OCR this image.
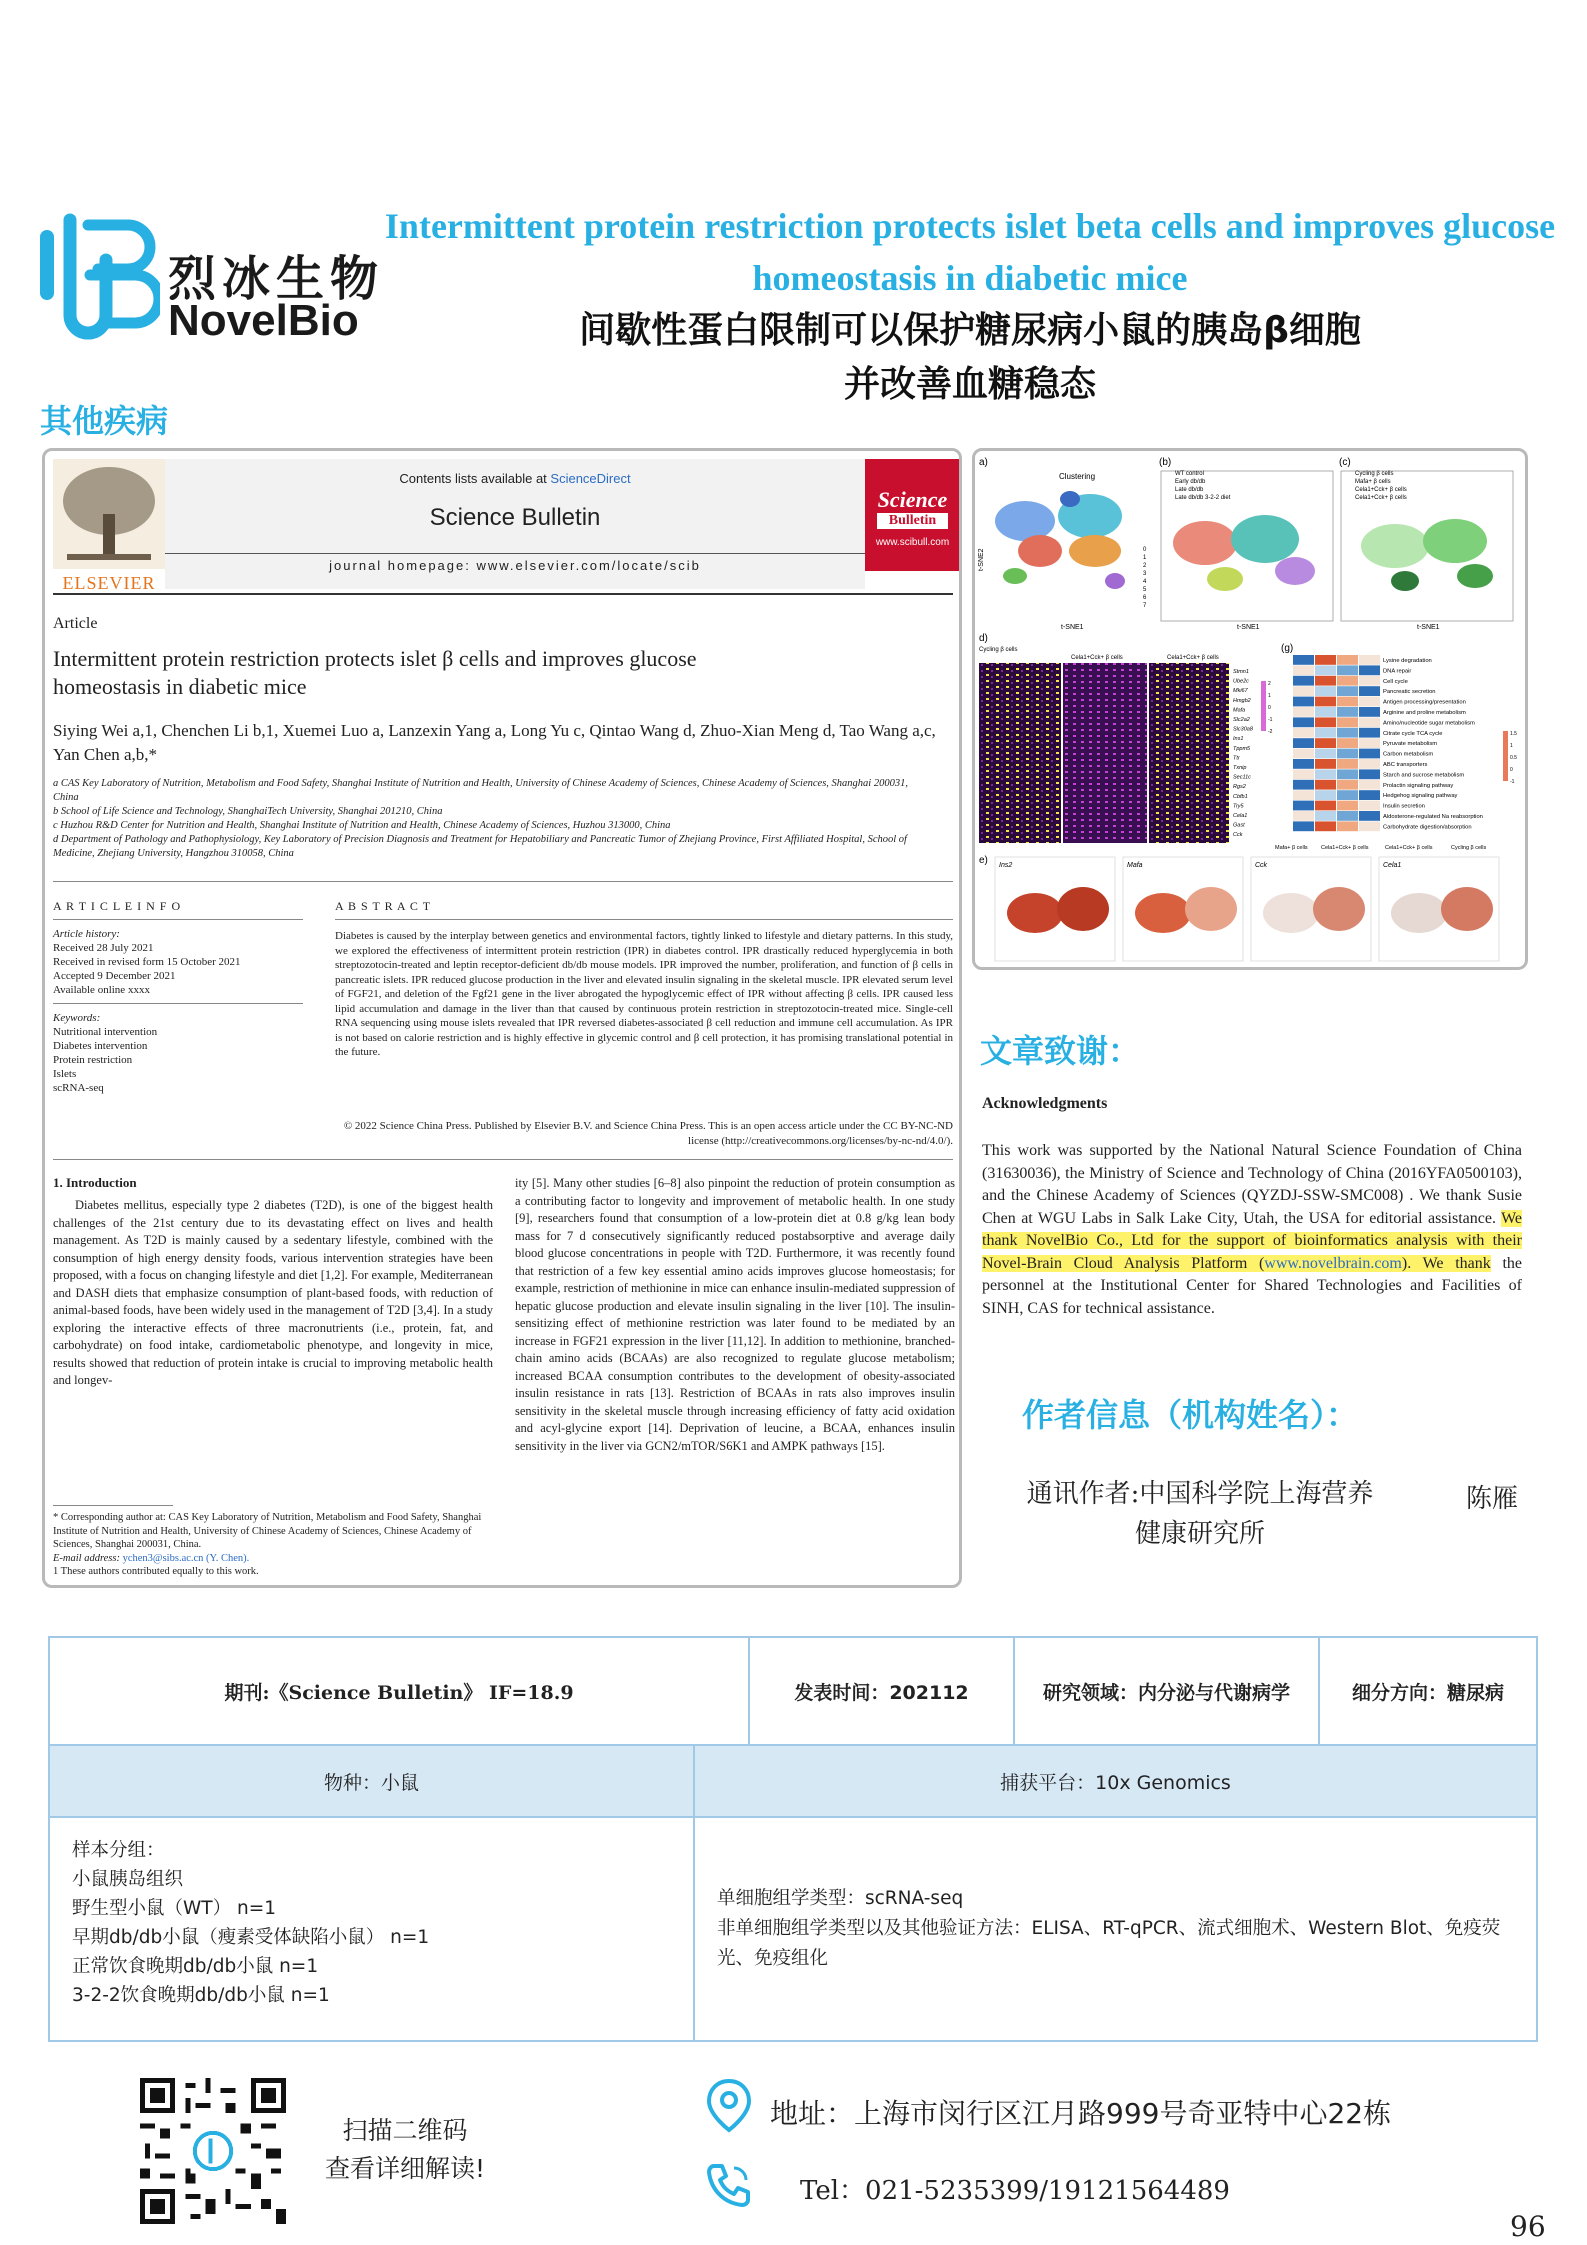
烈冰生物
NovelBio
Intermittent protein restriction protects islet beta cells and improves glucose homeostasis in diabetic mice
间歇性蛋白限制可以保护糖尿病小鼠的胰岛β细胞
并改善血糖稳态
其他疾病
ELSEVIER
Contents lists available at ScienceDirect
Science Bulletin
journal homepage: www.elsevier.com/locate/scib
Science
Bulletin
www.scibull.com
Article
Intermittent protein restriction protects islet β cells and improves glucose homeostasis in diabetic mice
Siying Wei a,1, Chenchen Li b,1, Xuemei Luo a, Lanzexin Yang a, Long Yu c, Qintao Wang d, Zhuo-Xian Meng d, Tao Wang a,c, Yan Chen a,b,*
a CAS Key Laboratory of Nutrition, Metabolism and Food Safety, Shanghai Institute of Nutrition and Health, University of Chinese Academy of Sciences, Chinese Academy of Sciences, Shanghai 200031, China
b School of Life Science and Technology, ShanghaiTech University, Shanghai 201210, China
c Huzhou R&D Center for Nutrition and Health, Shanghai Institute of Nutrition and Health, Chinese Academy of Sciences, Huzhou 313000, China
d Department of Pathology and Pathophysiology, Key Laboratory of Precision Diagnosis and Treatment for Hepatobiliary and Pancreatic Tumor of Zhejiang Province, First Affiliated Hospital, School of Medicine, Zhejiang University, Hangzhou 310058, China
A R T I C L E I N F O
Article history:
Received 28 July 2021
Received in revised form 15 October 2021
Accepted 9 December 2021
Available online xxxx
Keywords:
Nutritional intervention
Diabetes intervention
Protein restriction
Islets
scRNA-seq
A B S T R A C T
Diabetes is caused by the interplay between genetics and environmental factors, tightly linked to lifestyle and dietary patterns. In this study, we explored the effectiveness of intermittent protein restriction (IPR) in diabetes control. IPR drastically reduced hyperglycemia in both streptozotocin-treated and leptin receptor-deficient db/db mouse models. IPR improved the number, proliferation, and function of β cells in pancreatic islets. IPR reduced glucose production in the liver and elevated insulin signaling in the skeletal muscle. IPR elevated serum level of FGF21, and deletion of the Fgf21 gene in the liver abrogated the hypoglycemic effect of IPR without affecting β cells. IPR caused less lipid accumulation and damage in the liver than that caused by continuous protein restriction in streptozotocin-treated mice. Single-cell RNA sequencing using mouse islets revealed that IPR reversed diabetes-associated β cell reduction and immune cell accumulation. As IPR is not based on calorie restriction and is highly effective in glycemic control and β cell protection, it has promising translational potential in the future.
© 2022 Science China Press. Published by Elsevier B.V. and Science China Press. This is an open access article under the CC BY-NC-ND license (http://creativecommons.org/licenses/by-nc-nd/4.0/).
1. Introduction
Diabetes mellitus, especially type 2 diabetes (T2D), is one of the biggest health challenges of the 21st century due to its devastating effect on lives and health management. As T2D is mainly caused by a sedentary lifestyle, combined with the consumption of high energy density foods, various intervention strategies have been proposed, with a focus on changing lifestyle and diet [1,2]. For example, Mediterranean and DASH diets that emphasize consumption of plant-based foods, with reduction of animal-based foods, have been widely used in the management of T2D [3,4]. In a study exploring the interactive effects of three macronutrients (i.e., protein, fat, and carbohydrate) on food intake, cardiometabolic phenotype, and longevity in mice, results showed that reduction of protein intake is crucial to improving metabolic health and longev-
* Corresponding author at: CAS Key Laboratory of Nutrition, Metabolism and Food Safety, Shanghai Institute of Nutrition and Health, University of Chinese Academy of Sciences, Chinese Academy of Sciences, Shanghai 200031, China.
E-mail address: ychen3@sibs.ac.cn (Y. Chen).
1 These authors contributed equally to this work.
ity [5]. Many other studies [6–8] also pinpoint the reduction of protein consumption as a contributing factor to longevity and improvement of metabolic health. In one study [9], researchers found that consumption of a low-protein diet at 0.8 g/kg lean body mass for 7 d consecutively significantly reduced postabsorptive and average daily blood glucose concentrations in people with T2D. Furthermore, it was recently found that restriction of a few key essential amino acids improves glucose homeostasis; for example, restriction of methionine in mice can enhance insulin-mediated suppression of hepatic glucose production and elevate insulin signaling in the liver [10]. The insulin-sensitizing effect of methionine restriction was later found to be mediated by an increase in FGF21 expression in the liver [11,12]. In addition to methionine, branched-chain amino acids (BCAAs) are also recognized to regulate glucose metabolism; increased BCAA consumption contributes to the development of obesity-associated insulin resistance in rats [13]. Restriction of BCAAs in rats also improves insulin sensitivity in the skeletal muscle through increasing efficiency of fatty acid oxidation and acyl-glycine export [14]. Deprivation of leucine, a BCAA, enhances insulin sensitivity in the liver via GCN2/mTOR/S6K1 and AMPK pathways [15].
a)	(b)	(c)
Clustering
0
1
2
3
4
5
6
7
t-SNE1
t-SNE2
WT control
Early db/db
Late db/db
Late db/db 3-2-2 diet
t-SNE1
Cycling β cells
Mafa+ β cells
Cela1+Cck+ β cells
Cela1+Cck+ β cells
t-SNE1
d)
Cycling β cells
Cela1+Cck+ β cells	Cela1+Cck+ β cells
Stmn1
Ube2c
Mki67
Hmgb2
Mafa
Slc2a2
Slc30a8
Ins1
Tppm5
Ttr
Txnip
Sec11c
Rgs2
Cbfb1
Try5
Cela1
Gast
Cck
2
1
0
-1
-2
(g)
Lysine degradation
DNA repair
Cell cycle
Pancreatic secretion
Antigen processing/presentation
Arginine and proline metabolism
Amino/nucleotide sugar metabolism
Citrate cycle TCA cycle
Pyruvate metabolism
Carbon metabolism
ABC transporters
Starch and sucrose metabolism
Prolactin signaling pathway
Hedgehog signaling pathway
Insulin secretion
Aldosterone-regulated Na reabsorption
Carbohydrate digestion/absorption
1.5
1
0.5
0
-1
Mafa+ β cells Cela1+Cck+ β cells	Cela1+Cck+ β cells	Cycling β cells
e) Ins2	Mafa	Cck	Cela1
文章致谢：
Acknowledgments
This work was supported by the National Natural Science Foundation of China (31630036), the Ministry of Science and Technology of China (2016YFA0500103), and the Chinese Academy of Sciences (QYZDJ-SSW-SMC008) . We thank Susie Chen at WGU Labs in Salk Lake City, Utah, the USA for editorial assistance. We thank NovelBio Co., Ltd for the support of bioinformatics analysis with their Novel-Brain Cloud Analysis Platform (www.novelbrain.com). We thank the personnel at the Institutional Center for Shared Technologies and Facilities of SINH, CAS for technical assistance.
作者信息（机构姓名）：
通讯作者:中国科学院上海营养
健康研究所
陈雁
期刊:《Science Bulletin》 IF=18.9	发表时间：202112	研究领域：内分泌与代谢病学	细分方向：糖尿病
物种：小鼠	捕获平台：10x Genomics
样本分组：
小鼠胰岛组织
野生型小鼠（WT） n=1
早期db/db小鼠（瘦素受体缺陷小鼠） n=1
正常饮食晚期db/db小鼠 n=1
3-2-2饮食晚期db/db小鼠 n=1
单细胞组学类型：scRNA-seq
非单细胞组学类型以及其他验证方法：ELISA、RT-qPCR、流式细胞术、Western Blot、免疫荧光、免疫组化
扫描二维码
查看详细解读!
地址：上海市闵行区江月路999号奇亚特中心22栋
Tel：021-5235399/19121564489
96
